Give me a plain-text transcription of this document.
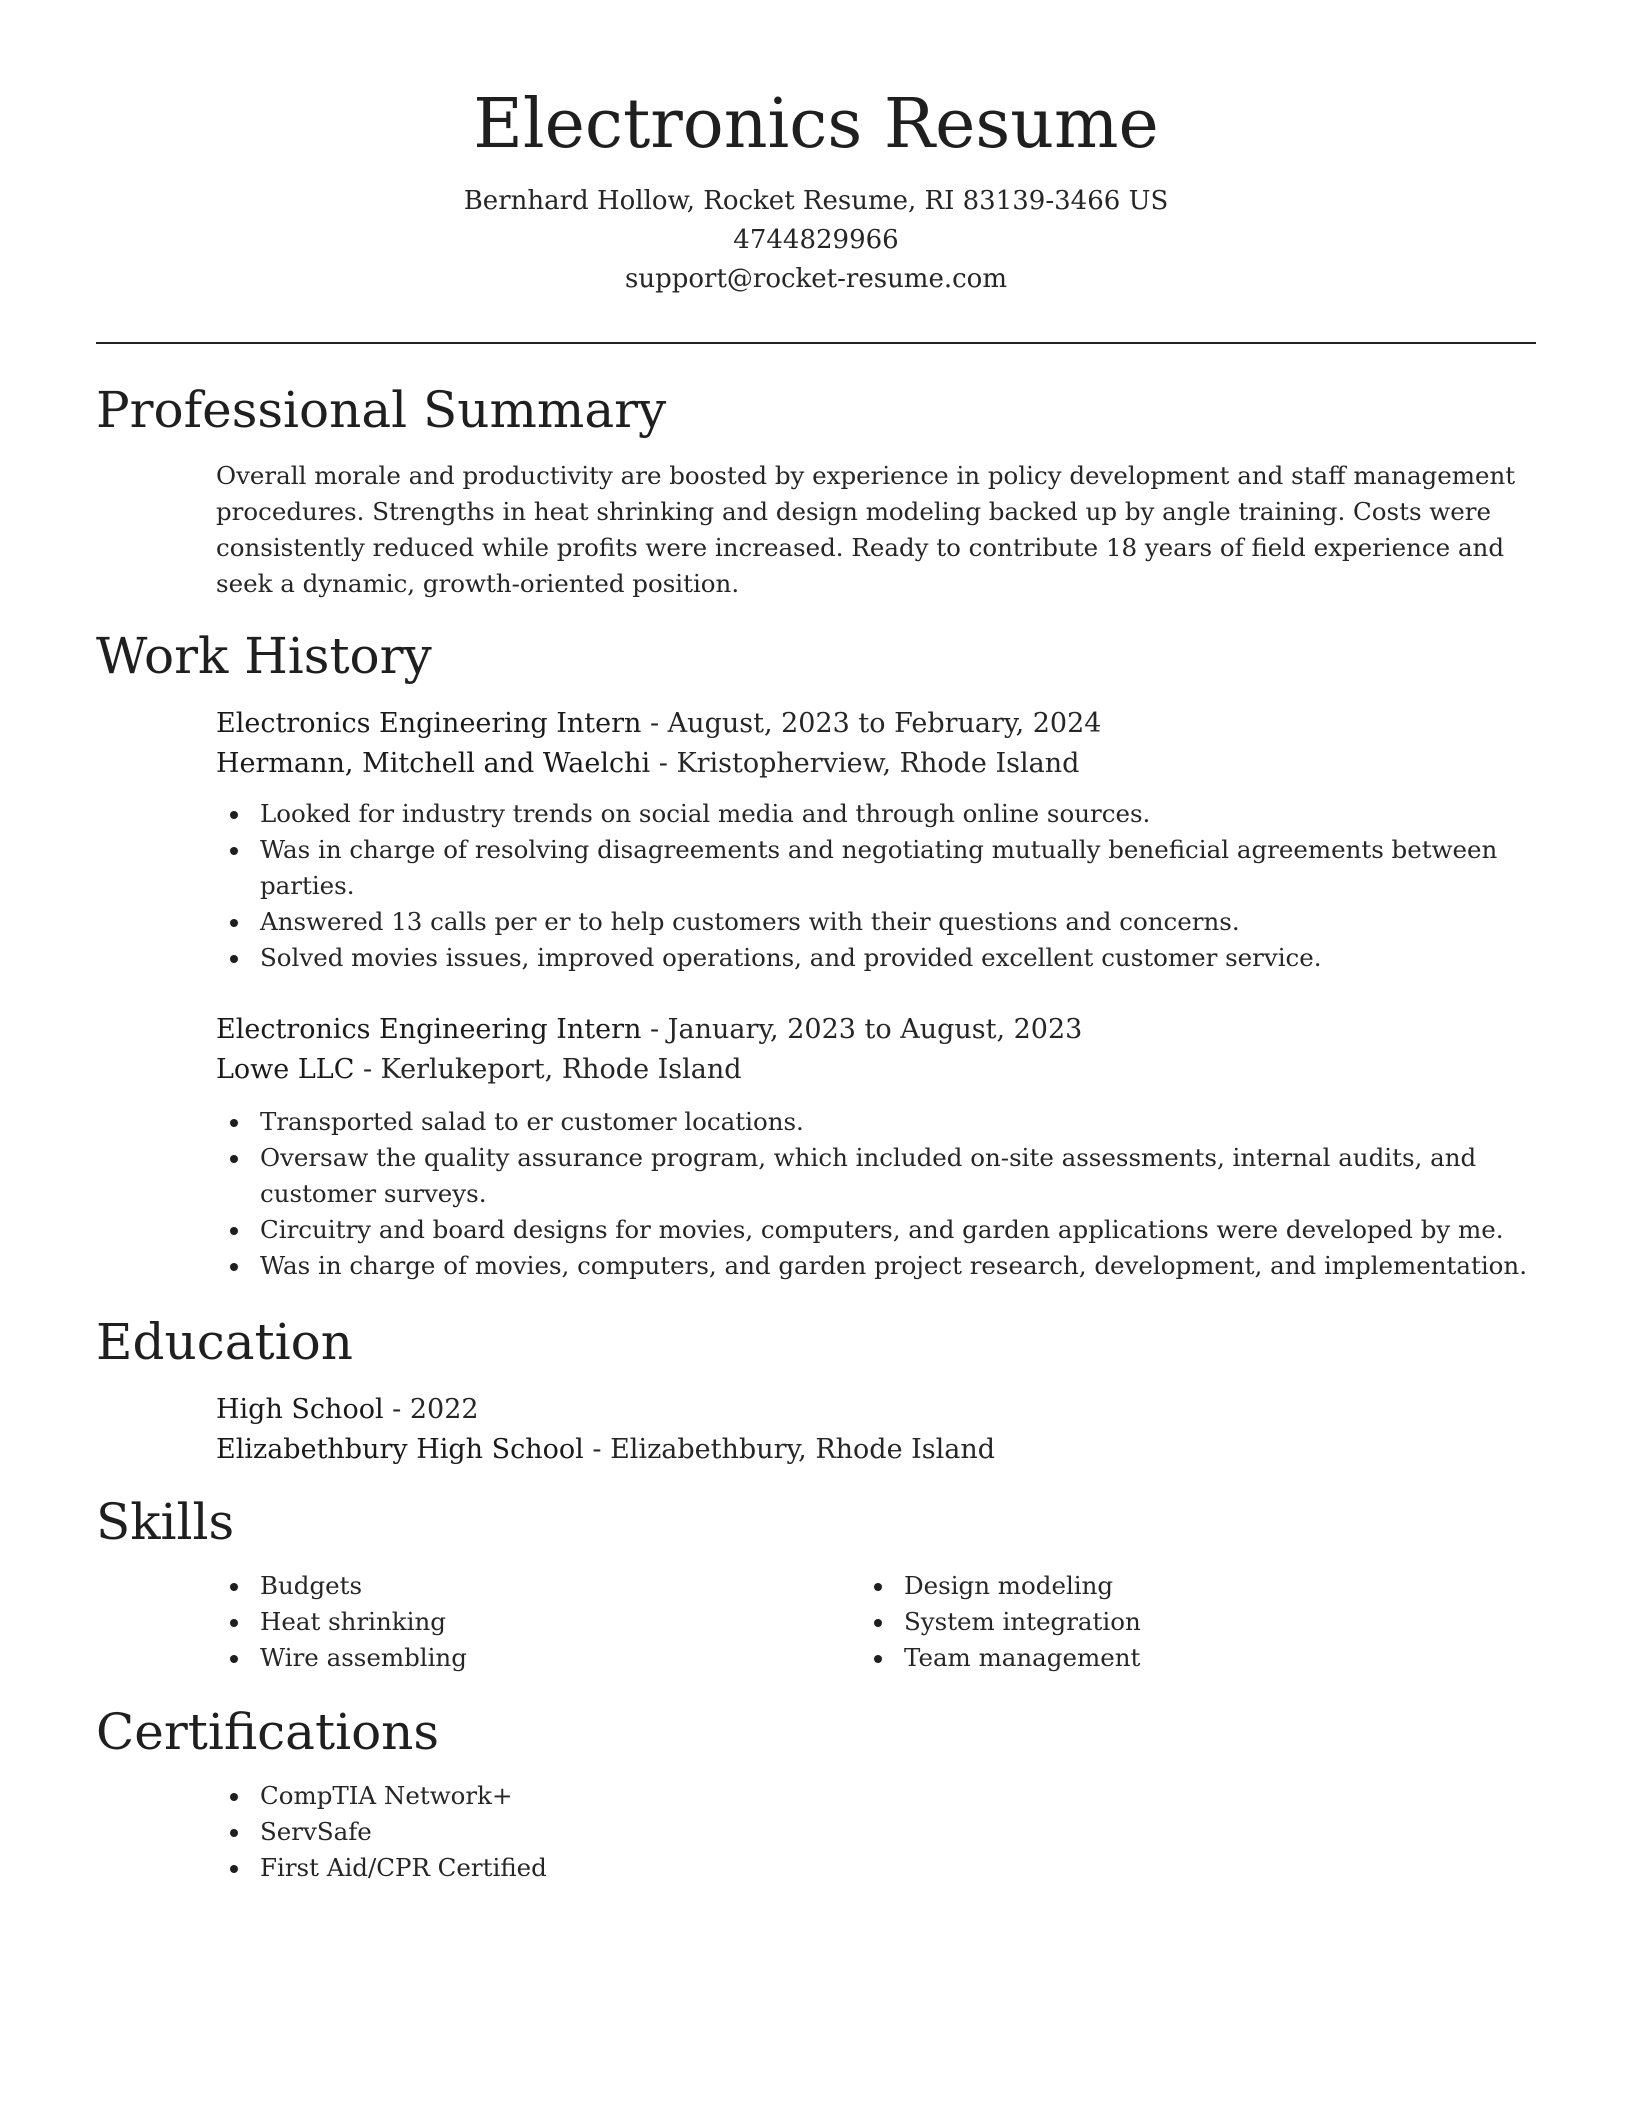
Electronics Resume
Bernhard Hollow, Rocket Resume, RI 83139-3466 US
4744829966
support@rocket-resume.com
Professional Summary

Overall morale and productivity are boosted by experience in policy development and staff management procedures. Strengths in heat shrinking and design modeling backed up by angle training. Costs were consistently reduced while profits were increased. Ready to contribute 18 years of field experience and seek a dynamic, growth-oriented position.

Work History

Electronics Engineering Intern - August, 2023 to February, 2024

Hermann, Mitchell and Waelchi - Kristopherview, Rhode Island

Looked for industry trends on social media and through online sources.
Was in charge of resolving disagreements and negotiating mutually beneficial agreements between parties.
Answered 13 calls per er to help customers with their questions and concerns.
Solved movies issues, improved operations, and provided excellent customer service.

Electronics Engineering Intern - January, 2023 to August, 2023

Lowe LLC - Kerlukeport, Rhode Island

Transported salad to er customer locations.
Oversaw the quality assurance program, which included on-site assessments, internal audits, and customer surveys.
Circuitry and board designs for movies, computers, and garden applications were developed by me.
Was in charge of movies, computers, and garden project research, development, and implementation.
Education

High School - 2022

Elizabethbury High School - Elizabethbury, Rhode Island

Skills
Budgets
Heat shrinking
Wire assembling
Design modeling
System integration
Team management
Certifications
CompTIA Network+
ServSafe
First Aid/CPR Certified
